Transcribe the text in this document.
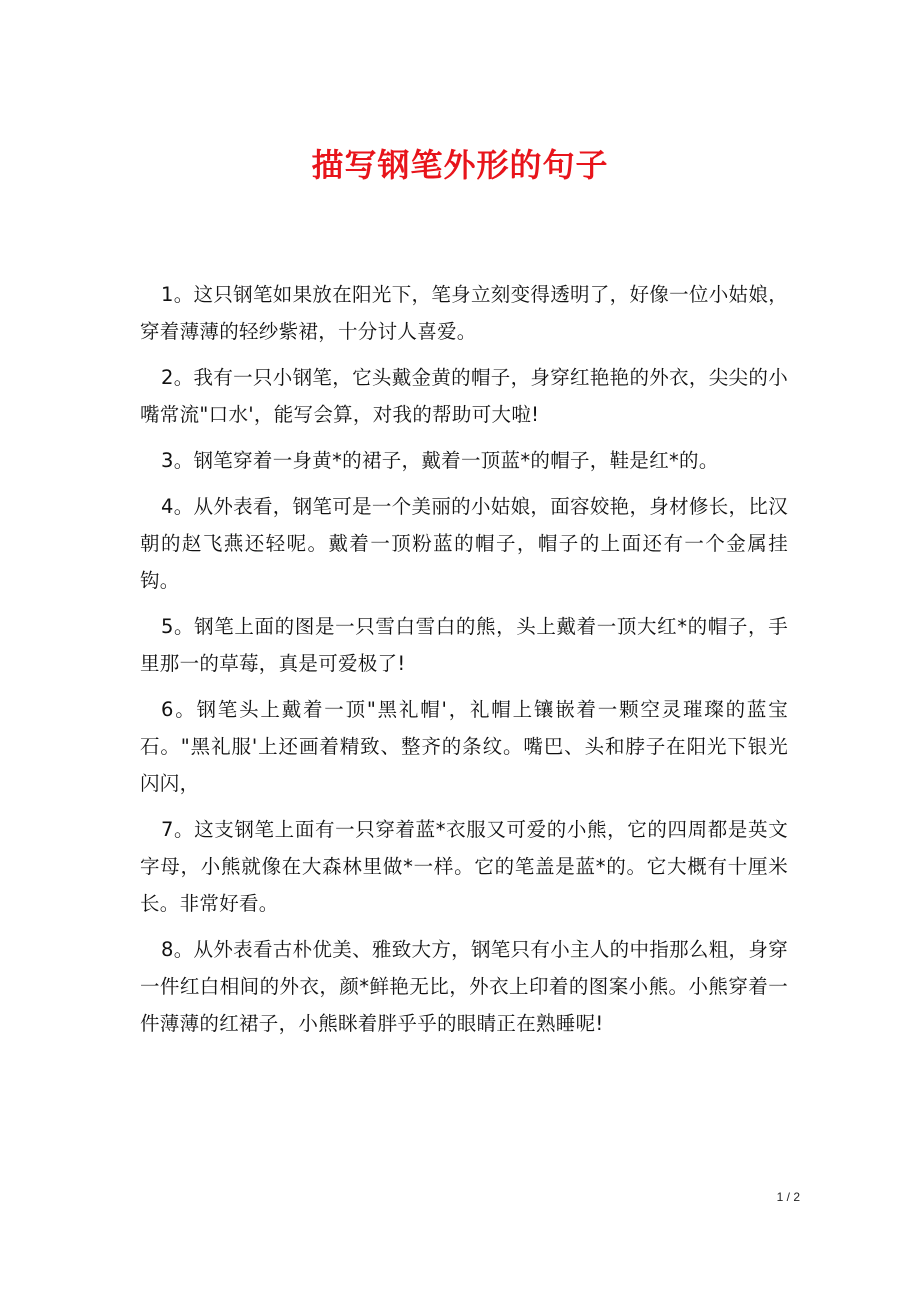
描写钢笔外形的句子

1。这只钢笔如果放在阳光下，笔身立刻变得透明了，好像一位小姑娘，穿着薄薄的轻纱紫裙，十分讨人喜爱。

2。我有一只小钢笔，它头戴金黄的帽子，身穿红艳艳的外衣，尖尖的小嘴常流"口水'，能写会算，对我的帮助可大啦!

3。钢笔穿着一身黄*的裙子，戴着一顶蓝*的帽子，鞋是红*的。

4。从外表看，钢笔可是一个美丽的小姑娘，面容姣艳，身材修长，比汉朝的赵飞燕还轻呢。戴着一顶粉蓝的帽子，帽子的上面还有一个金属挂钩。

5。钢笔上面的图是一只雪白雪白的熊，头上戴着一顶大红*的帽子，手里那一的草莓，真是可爱极了!

6。钢笔头上戴着一顶"黑礼帽'，礼帽上镶嵌着一颗空灵璀璨的蓝宝石。"黑礼服'上还画着精致、整齐的条纹。嘴巴、头和脖子在阳光下银光闪闪，

7。这支钢笔上面有一只穿着蓝*衣服又可爱的小熊，它的四周都是英文字母，小熊就像在大森林里做*一样。它的笔盖是蓝*的。它大概有十厘米长。非常好看。

8。从外表看古朴优美、雅致大方，钢笔只有小主人的中指那么粗，身穿一件红白相间的外衣，颜*鲜艳无比，外衣上印着的图案小熊。小熊穿着一件薄薄的红裙子，小熊眯着胖乎乎的眼睛正在熟睡呢!

1 / 2
